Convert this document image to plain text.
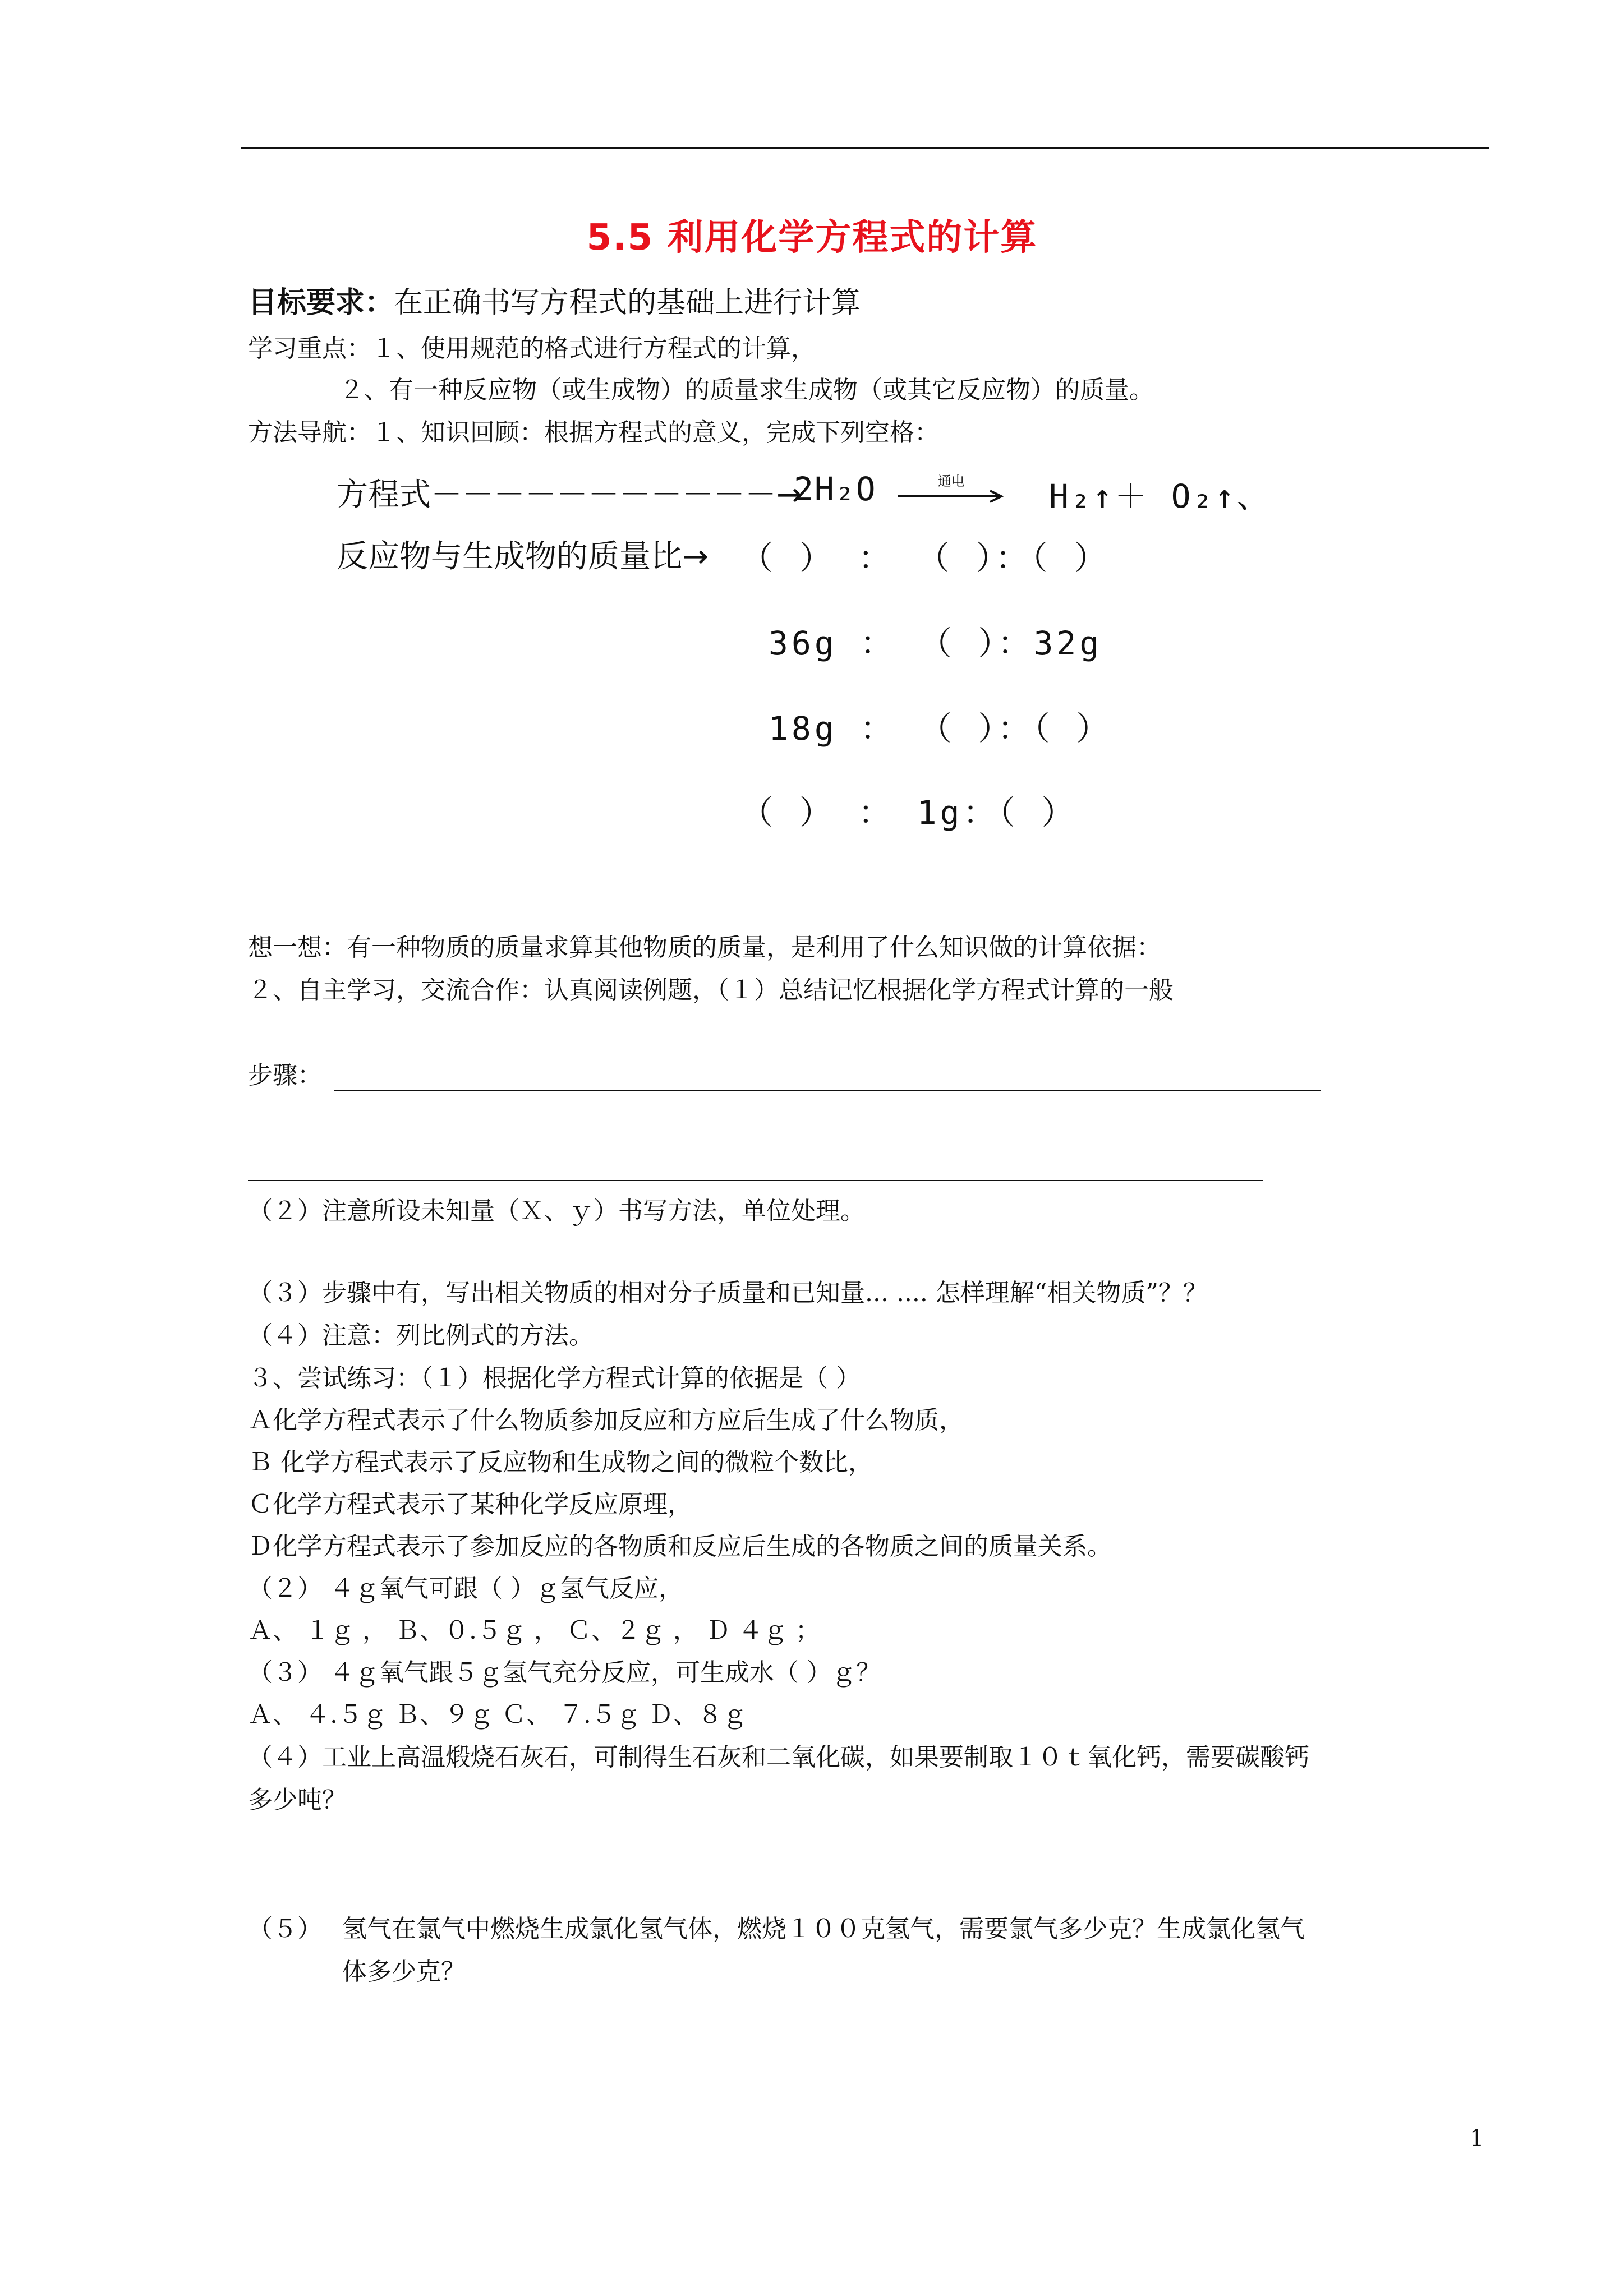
5.5 利用化学方程式的计算
目标要求：在正确书写方程式的基础上进行计算
学习重点：１、使用规范的格式进行方程式的计算，
２、有一种反应物（或生成物）的质量求生成物（或其它反应物）的质量。
方法导航：１、知识回顾：根据方程式的意义，完成下列空格：
方程式－－－－－－－－－－－→
2H₂O	通电	H₂↑＋ O₂↑、
反应物与生成物的质量比→ （ ） ： （ ）：（ ）
36g ： （ ）：32g
18g ： （ ）：（ ）
（ ） ： 1g：（ ）
想一想：有一种物质的质量求算其他物质的质量，是利用了什么知识做的计算依据：
２、自主学习，交流合作：认真阅读例题，（１）总结记忆根据化学方程式计算的一般
步骤：
（２）注意所设未知量（Ｘ、ｙ）书写方法，单位处理。
（３）步骤中有，写出相关物质的相对分子质量和已知量... .... 怎样理解“相关物质”？？
（４）注意：列比例式的方法。
３、尝试练习：（１）根据化学方程式计算的依据是（ ）
Ａ化学方程式表示了什么物质参加反应和方应后生成了什么物质，
Ｂ 化学方程式表示了反应物和生成物之间的微粒个数比，
Ｃ化学方程式表示了某种化学反应原理，
Ｄ化学方程式表示了参加反应的各物质和反应后生成的各物质之间的质量关系。
（２） ４ｇ氧气可跟（ ）ｇ氢气反应，
Ａ、 １ｇ ， Ｂ、０.５ｇ ， Ｃ、２ｇ ， Ｄ ４ｇ ；
（３） ４ｇ氧气跟５ｇ氢气充分反应，可生成水（ ）ｇ？
Ａ、 ４.５ｇ Ｂ、９ｇ Ｃ、 ７.５ｇ Ｄ、８ｇ
（４）工业上高温煅烧石灰石，可制得生石灰和二氧化碳，如果要制取１０ｔ氧化钙，需要碳酸钙
多少吨？
（５） 氢气在氯气中燃烧生成氯化氢气体，燃烧１００克氢气，需要氯气多少克？生成氯化氢气
体多少克？
1
